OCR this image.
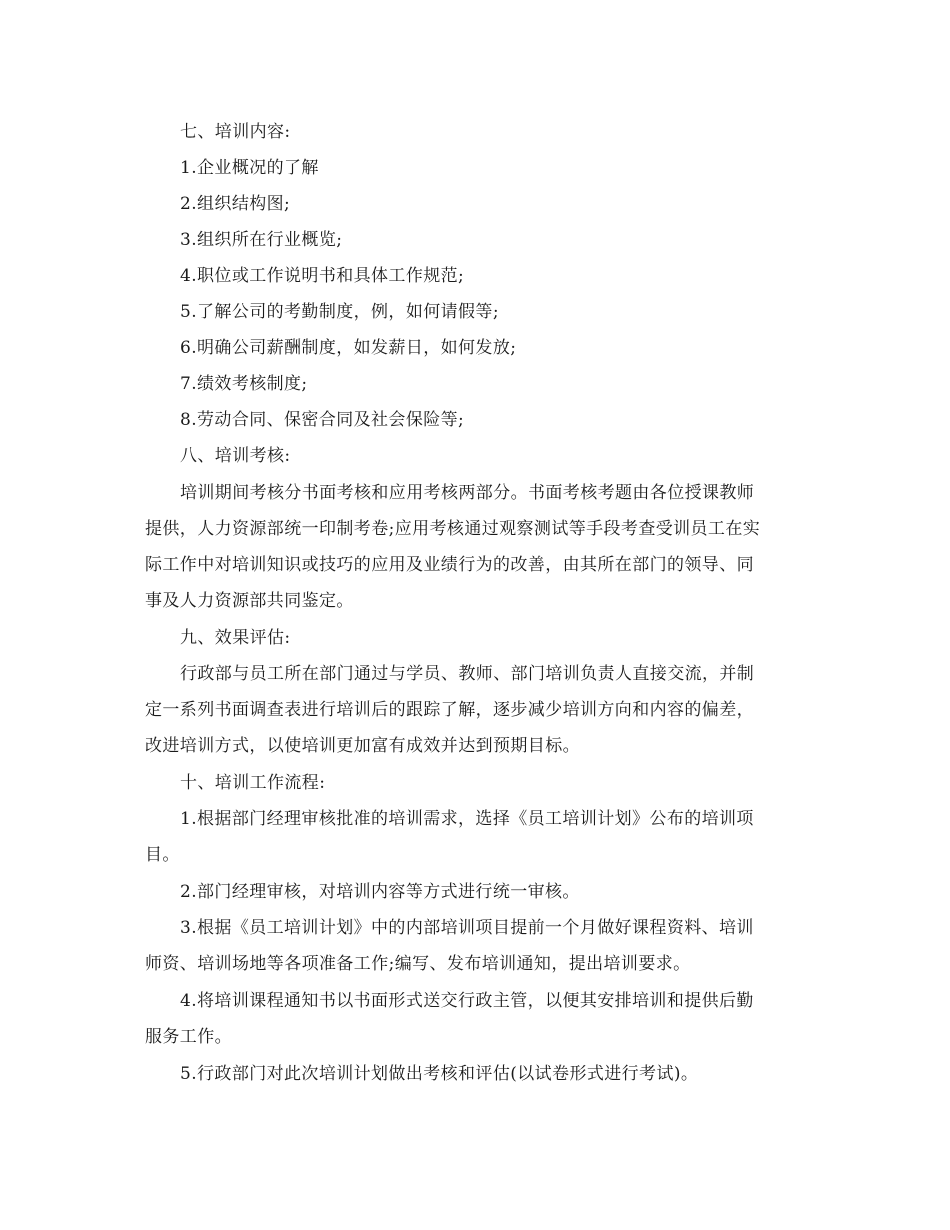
七、培训内容:
1.企业概况的了解
2.组织结构图;
3.组织所在行业概览;
4.职位或工作说明书和具体工作规范;
5.了解公司的考勤制度，例，如何请假等;
6.明确公司薪酬制度，如发薪日，如何发放;
7.绩效考核制度;
8.劳动合同、保密合同及社会保险等;
八、培训考核:
培训期间考核分书面考核和应用考核两部分。书面考核考题由各位授课教师
提供，人力资源部统一印制考卷;应用考核通过观察测试等手段考查受训员工在实
际工作中对培训知识或技巧的应用及业绩行为的改善，由其所在部门的领导、同
事及人力资源部共同鉴定。
九、效果评估:
行政部与员工所在部门通过与学员、教师、部门培训负责人直接交流，并制
定一系列书面调查表进行培训后的跟踪了解，逐步减少培训方向和内容的偏差，
改进培训方式，以使培训更加富有成效并达到预期目标。
十、培训工作流程:
1.根据部门经理审核批准的培训需求，选择《员工培训计划》公布的培训项
目。
2.部门经理审核，对培训内容等方式进行统一审核。
3.根据《员工培训计划》中的内部培训项目提前一个月做好课程资料、培训
师资、培训场地等各项准备工作;编写、发布培训通知，提出培训要求。
4.将培训课程通知书以书面形式送交行政主管，以便其安排培训和提供后勤
服务工作。
5.行政部门对此次培训计划做出考核和评估(以试卷形式进行考试)。
